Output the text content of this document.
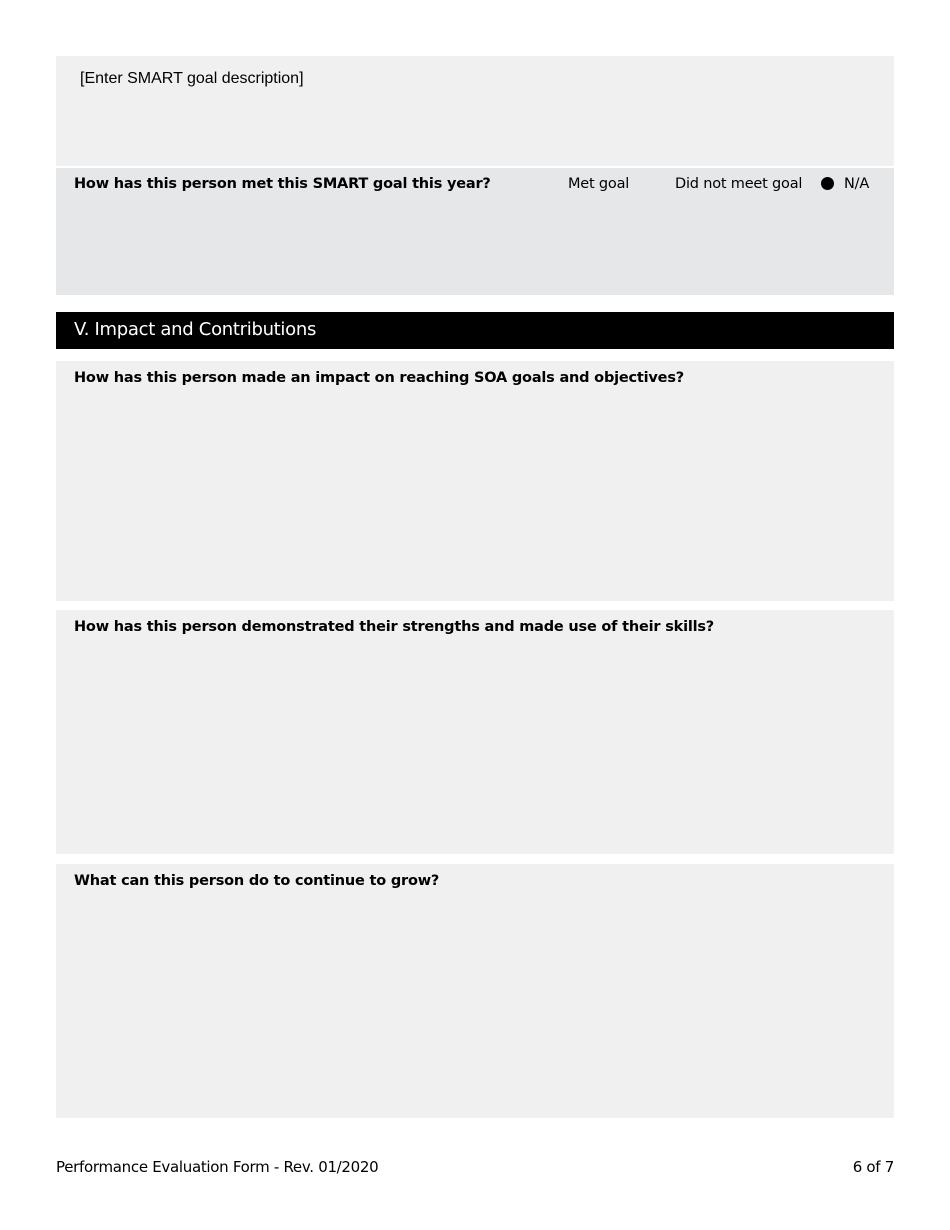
[Enter SMART goal description]
How has this person met this SMART goal this year?	Met goal	Did not meet goal	N/A
V. Impact and Contributions
How has this person made an impact on reaching SOA goals and objectives?
How has this person demonstrated their strengths and made use of their skills?
What can this person do to continue to grow?
Performance Evaluation Form - Rev. 01/2020	6 of 7
